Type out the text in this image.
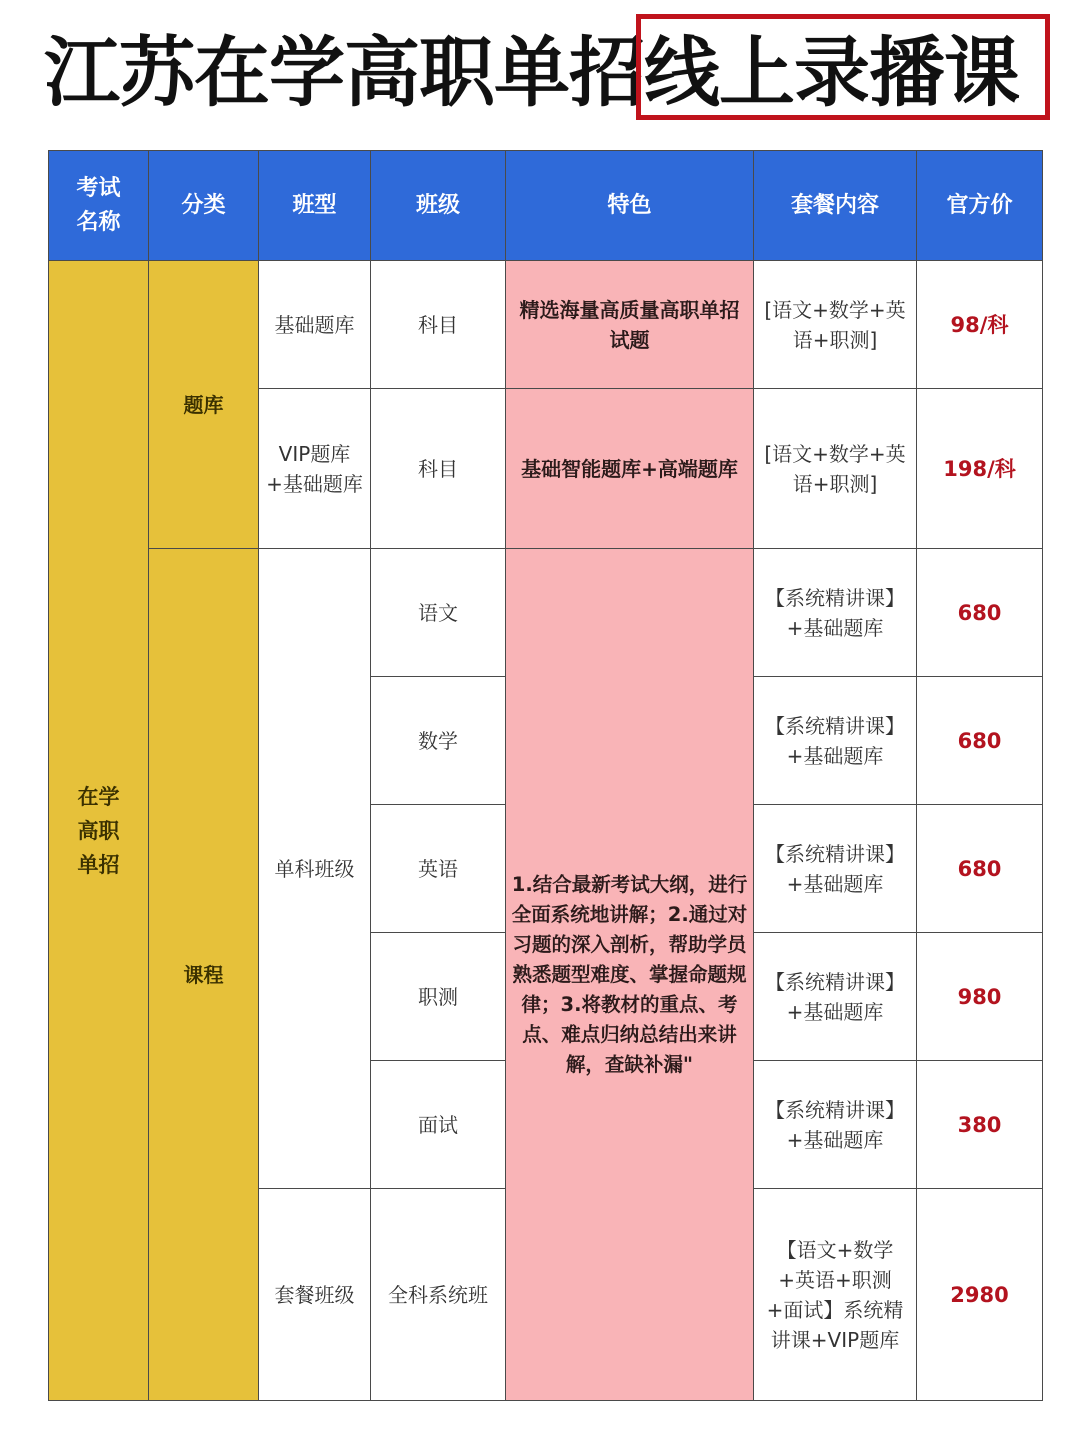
江苏在学高职单招线上录播课
考试名称	分类	班型	班级	特色	套餐内容	官方价
在学高职单招	题库	基础题库	科目	精选海量高质量高职单招试题	[语文+数学+英语+职测]	98/科
		VIP题库+基础题库	科目	基础智能题库+高端题库	[语文+数学+英语+职测]	198/科
	课程	单科班级	语文	1.结合最新考试大纲，进行全面系统地讲解；2.通过对习题的深入剖析，帮助学员熟悉题型难度、掌握命题规律；3.将教材的重点、考点、难点归纳总结出来讲解，查缺补漏"	【系统精讲课】+基础题库	680
			数学		【系统精讲课】+基础题库	680
			英语		【系统精讲课】+基础题库	680
			职测		【系统精讲课】+基础题库	980
			面试		【系统精讲课】+基础题库	380
		套餐班级	全科系统班		【语文+数学+英语+职测+面试】系统精讲课+VIP题库	2980
